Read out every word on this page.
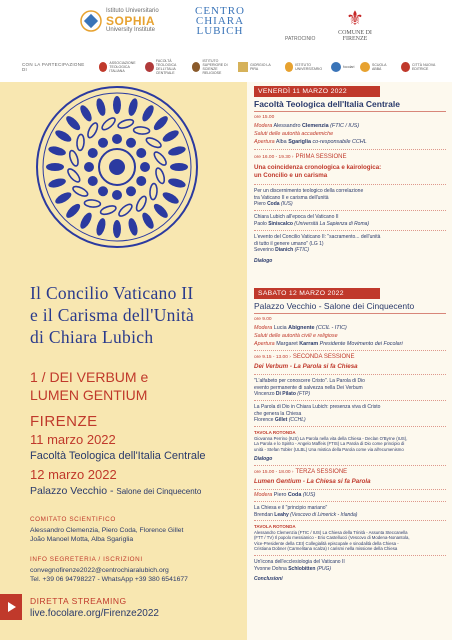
Istituto Universitario
SOPHIA
University Institute
CENTRO
CHIARA
LUBICH
PATROCINIO
⚜
COMUNE DI FIRENZE
CON LA PARTECIPAZIONE DI
ASSOCIAZIONE TEOLOGICA ITALIANA
FACOLTÀ TEOLOGICA DELL'ITALIA CENTRALE
ISTITUTO SUPERIORE DI SCIENZE RELIGIOSE
GIORGIO LA PIRA
ISTITUTO UNIVERSITARIO	focolari	SCUOLA ABBÀ
CITTÀ NUOVA EDITRICE
Il Concilio Vaticano II
e il Carisma dell'Unità
di Chiara Lubich
1 / DEI VERBUM e
LUMEN GENTIUM
FIRENZE
11 marzo 2022
Facoltà Teologica dell'Italia Centrale
12 marzo 2022
Palazzo Vecchio - Salone dei Cinquecento
COMITATO SCIENTIFICO
Alessandro Clemenzia, Piero Coda, Florence Gillet
João Manoel Motta, Alba Sgariglia
INFO SEGRETERIA / ISCRIZIONI
convegnofirenze2022@centrochiaralubich.org
Tel. +39 06 94798227 - WhatsApp +39 380 6541677
DIRETTA STREAMING
live.focolare.org/Firenze2022
VENERDÌ 11 MARZO 2022
Facoltà Teologica dell'Italia Centrale
ore 15.00
Modera Alessandro Clemenzia (FTIC / IUS)
Saluti delle autorità accademiche
Apertura Alba Sgariglia co-responsabile CCHL
ore 16.00 - 19.30 › PRIMA SESSIONE
Una coincidenza cronologica e kairologica:
un Concilio e un carisma
Per un discernimento teologico della correlazione
tra Vaticano II e carisma dell'unità
Piero Coda (IUS)
Chiara Lubich all'epoca del Vaticano II
Paolo Siniscalco (Università La Sapienza di Roma)
L'evento del Concilio Vaticano II: "sacramento... dell'unità
di tutto il genere umano" (LG 1)
Severino Dianich (FTIC)
Dialogo
SABATO 12 MARZO 2022
Palazzo Vecchio - Salone dei Cinquecento
ore 9.00
Modera Lucia Abignente (CCIL - ITIC)
Saluti delle autorità civili e religiose
Apertura Margaret Karram Presidente Movimento dei Focolari
ore 9.15 - 13.00 › SECONDA SESSIONE
Dei Verbum - La Parola si fa Chiesa
"L'alfabeto per conoscere Cristo". La Parola di Dio
evento permanente di salvezza nella Dei Verbum
Vincenzo Di Pilato (FTP)
La Parola di Dio in Chiara Lubich: presenza viva di Cristo
che genera la Chiesa
Florence Gillet (CCHL)
TAVOLA ROTONDA
Giovanna Perrino (IUS) La Parola nella vita della Chiesa - Declan O'Byrne (IUS),
La Parola e lo Spirito - Angelo Maffeis (FTIS) La Parola di Dio come principio di
unità - Stefan Tobler (ULBL) Una mistica della Parola come via all'ecumenismo
Dialogo
ore 15.00 - 18.00 › TERZA SESSIONE
Lumen Gentium - La Chiesa si fa Parola
Modera Piero Coda (IUS)
La Chiesa e il "principio mariano"
Brendan Leahy (Vescovo di Limerick - Irlanda)
TAVOLA ROTONDA
Alessandro Clemenzia (FTIC / IUS) La Chiesa della Trinità - Assunta Steccanella
(FTT / TV) Il popolo messianico - Erio Castellucci (Vescovo di Modena-Nonantola,
Vice-Presidente della CEI) Collegialità episcopale e sinodalità della Chiesa -
Cristiana Dobner (Carmelitana scalza) I carismi nella missione della Chiesa
Un'icona dell'ecclesiologia del Vaticano II
Yvonne Dohna Schlobitten (PUG)
Conclusioni
